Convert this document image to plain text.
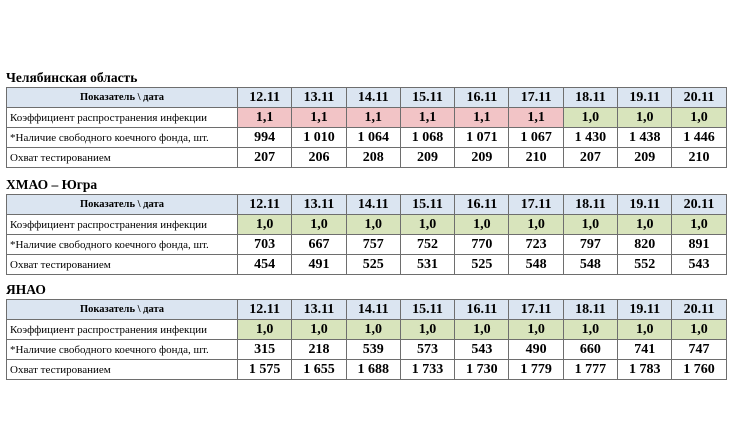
Челябинская область
Показатель \ дата	12.11	13.11	14.11	15.11	16.11	17.11	18.11	19.11	20.11
Коэффициент распространения инфекции	1,1	1,1	1,1	1,1	1,1	1,1	1,0	1,0	1,0
*Наличие свободного коечного фонда, шт.	994	1 010	1 064	1 068	1 071	1 067	1 430	1 438	1 446
Охват тестированием	207	206	208	209	209	210	207	209	210
ХМАО – Югра
Показатель \ дата	12.11	13.11	14.11	15.11	16.11	17.11	18.11	19.11	20.11
Коэффициент распространения инфекции	1,0	1,0	1,0	1,0	1,0	1,0	1,0	1,0	1,0
*Наличие свободного коечного фонда, шт.	703	667	757	752	770	723	797	820	891
Охват тестированием	454	491	525	531	525	548	548	552	543
ЯНАО
Показатель \ дата	12.11	13.11	14.11	15.11	16.11	17.11	18.11	19.11	20.11
Коэффициент распространения инфекции	1,0	1,0	1,0	1,0	1,0	1,0	1,0	1,0	1,0
*Наличие свободного коечного фонда, шт.	315	218	539	573	543	490	660	741	747
Охват тестированием	1 575	1 655	1 688	1 733	1 730	1 779	1 777	1 783	1 760
